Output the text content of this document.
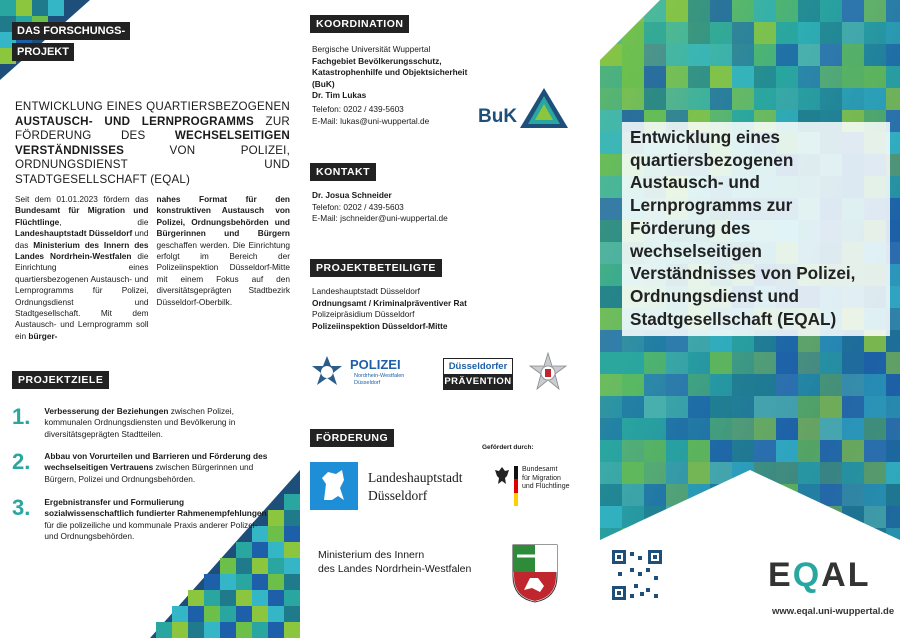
DAS FORSCHUNGS-
PROJEKT
ENTWICKLUNG EINES QUARTIERSBEZOGENEN AUSTAUSCH- UND LERNPROGRAMMS ZUR FÖRDERUNG DES WECHSELSEITIGEN VERSTÄNDNISSES VON POLIZEI, ORDNUNGSDIENST UND STADTGESELLSCHAFT (EQAL)
Seit dem 01.01.2023 fördern das Bundesamt für Migration und Flüchtlinge, die Landeshauptstadt Düsseldorf und das Ministerium des Innern des Landes Nordrhein-Westfalen die Einrichtung eines quartiersbezogenen Austausch- und Lernprogramms für Polizei, Ordnungsdienst und Stadtgesellschaft. Mit dem Austausch- und Lernprogramm soll ein bürger-
nahes Format für den konstruktiven Austausch von Polizei, Ordnungsbehörden und Bürgerinnen und Bürgern geschaffen werden. Die Einrichtung erfolgt im Bereich der Polizeiinspektion Düsseldorf-Mitte mit einem Fokus auf den diversitätsgeprägten Stadtbezirk Düsseldorf-Oberbilk.
PROJEKTZIELE
1. Verbesserung der Beziehungen zwischen Polizei, kommunalen Ordnungsdiensten und Bevölkerung in diversitätsgeprägten Stadtteilen.
2. Abbau von Vorurteilen und Barrieren und Förderung des wechselseitigen Vertrauens zwischen Bürgerinnen und Bürgern, Polizei und Ordnungsbehörden.
3. Ergebnistransfer und Formulierung sozialwissenschaftlich fundierter Rahmenempfehlungen für die polizeiliche und kommunale Praxis anderer Polizei- und Ordnungsbehörden.
KOORDINATION
Bergische Universität Wuppertal
Fachgebiet Bevölkerungsschutz, Katastrophenhilfe und Objektsicherheit (BuK)
Dr. Tim Lukas
Telefon: 0202 / 439-5603
E-Mail: lukas@uni-wuppertal.de	BuK
KONTAKT
Dr. Josua Schneider
Telefon: 0202 / 439-5603
E-Mail: jschneider@uni-wuppertal.de
PROJEKTBETEILIGTE
Landeshauptstadt Düsseldorf
Ordnungsamt / Kriminalpräventiver Rat
Polizeipräsidium Düsseldorf
Polizeiinspektion Düsseldorf-Mitte
POLIZEI
Nordrhein-Westfalen
Düsseldorf
Düsseldorfer
PRÄVENTION
FÖRDERUNG
Landeshauptstadt
Düsseldorf
Gefördert durch:
Bundesamt
für Migration
und Flüchtlinge
Ministerium des Innern
des Landes Nordrhein-Westfalen
Entwicklung eines quartiersbezogenen Austausch- und Lernprogramms zur Förderung des wechselseitigen Verständnisses von Polizei, Ordnungsdienst und Stadtgesellschaft (EQAL)
EQAL
www.eqal.uni-wuppertal.de
